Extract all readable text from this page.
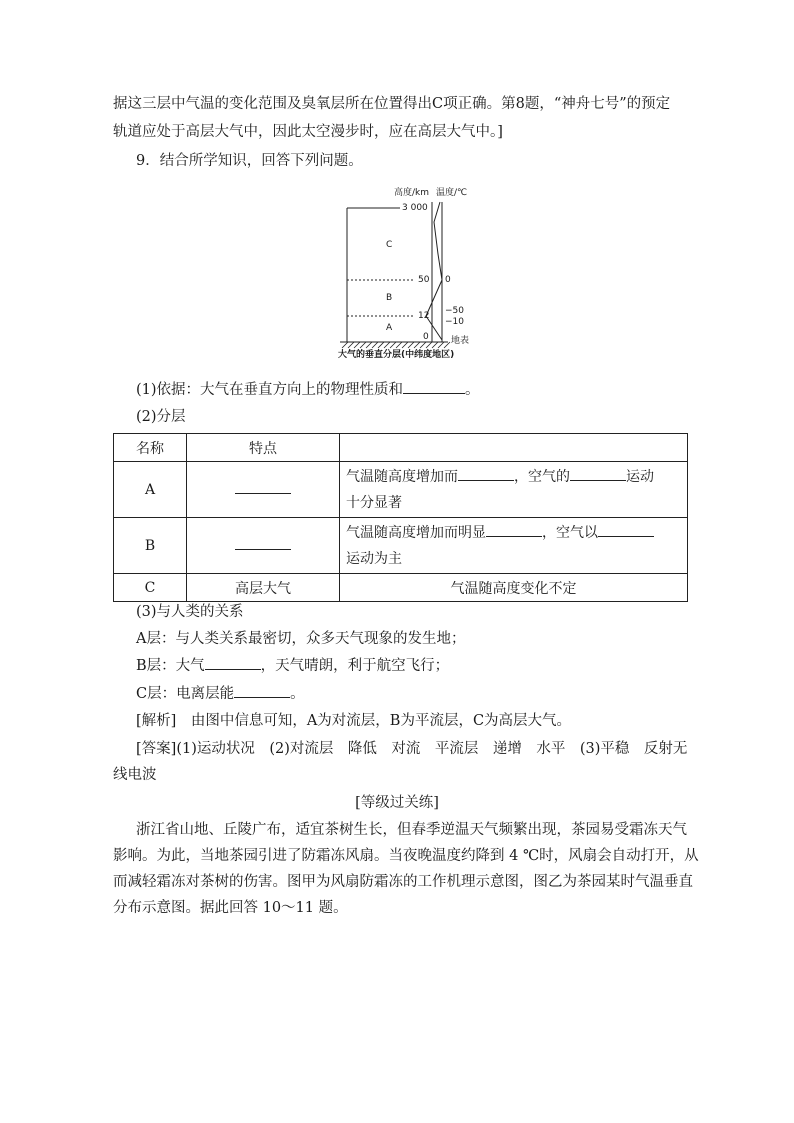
据这三层中气温的变化范围及臭氧层所在位置得出C项正确。第8题，“神舟七号”的预定
轨道应处于高层大气中，因此太空漫步时，应在高层大气中。]
9．结合所学知识，回答下列问题。
高度/km 温度/℃
3 000
50 0
−50
12
−10
0
C
B
A
地表
大气的垂直分层(中纬度地区)
(1)依据：大气在垂直方向上的物理性质和	。
(2)分层
名称	特点	
A		气温随高度增加而 ，空气的 运动
十分显著
B		气温随高度增加而明显 ，空气以
运动为主
C	高层大气	气温随高度变化不定
(3)与人类的关系
A层：与人类关系最密切，众多天气现象的发生地；
B层：大气	，天气晴朗，利于航空飞行；
C层：电离层能	。
[解析]　由图中信息可知，A为对流层，B为平流层，C为高层大气。
[答案](1)运动状况　(2)对流层　降低　对流　平流层　递增　水平　(3)平稳　反射无
线电波
[等级过关练]
浙江省山地、丘陵广布，适宜茶树生长，但春季逆温天气频繁出现，茶园易受霜冻天气
影响。为此，当地茶园引进了防霜冻风扇。当夜晚温度约降到 4 ℃时，风扇会自动打开，从
而减轻霜冻对茶树的伤害。图甲为风扇防霜冻的工作机理示意图，图乙为茶园某时气温垂直
分布示意图。据此回答 10～11 题。
